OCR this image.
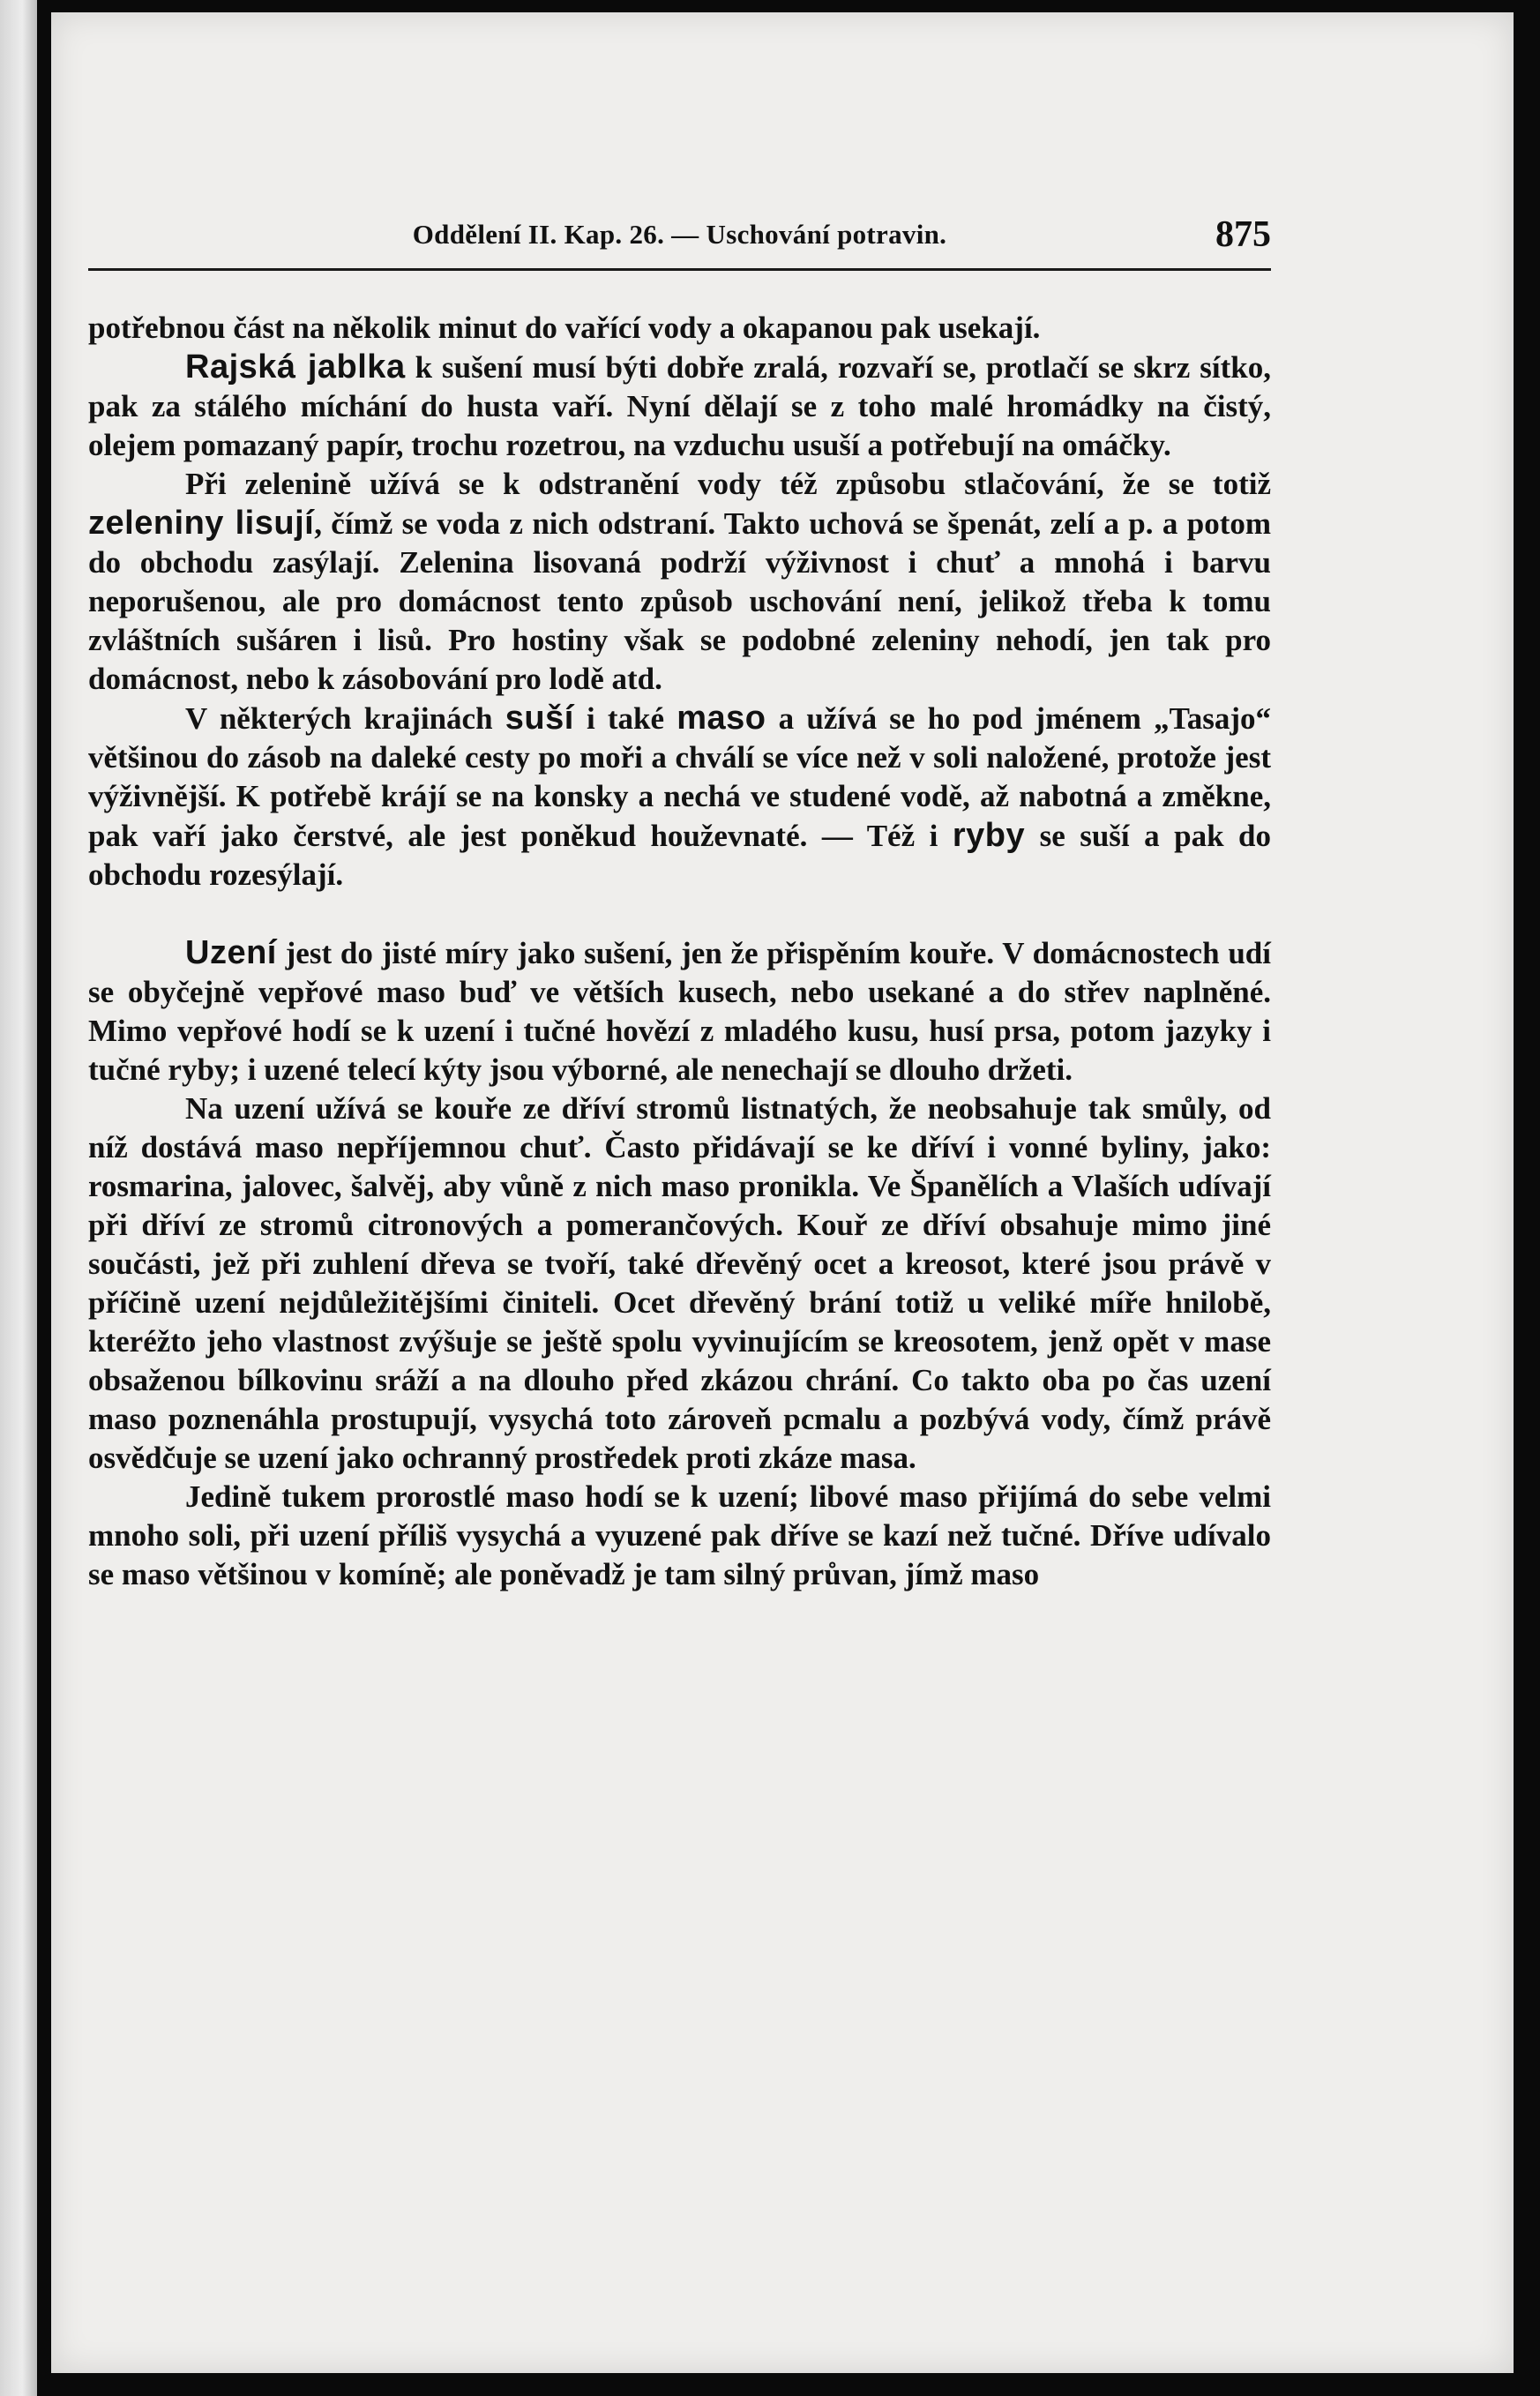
Oddělení II. Kap. 26. — Uschování potravin.	875

potřebnou část na několik minut do vařící vody a okapanou pak usekají.

Rajská jablka k sušení musí býti dobře zralá, rozvaří se, protlačí se skrz sítko, pak za stálého míchání do husta vaří. Nyní dělají se z toho malé hromádky na čistý, olejem pomazaný papír, trochu rozetrou, na vzduchu usuší a potřebují na omáčky.

Při zelenině užívá se k odstranění vody též způsobu stlačování, že se totiž zeleniny lisují, čímž se voda z nich odstraní. Takto uchová se špenát, zelí a p. a potom do obchodu zasýlají. Zelenina lisovaná podrží výživnost i chuť a mnohá i barvu neporušenou, ale pro domácnost tento způsob uschování není, jelikož třeba k tomu zvláštních sušáren i lisů. Pro hostiny však se podobné zeleniny nehodí, jen tak pro domácnost, nebo k zásobování pro lodě atd.

V některých krajinách suší i také maso a užívá se ho pod jménem „Tasajo“ většinou do zásob na daleké cesty po moři a chválí se více než v soli naložené, protože jest výživnější. K potřebě krájí se na konsky a nechá ve studené vodě, až nabotná a změkne, pak vaří jako čerstvé, ale jest poněkud houževnaté. — Též i ryby se suší a pak do obchodu rozesýlají.

Uzení jest do jisté míry jako sušení, jen že přispěním kouře. V domácnostech udí se obyčejně vepřové maso buď ve větších kusech, nebo usekané a do střev naplněné. Mimo vepřové hodí se k uzení i tučné hovězí z mladého kusu, husí prsa, potom jazyky i tučné ryby; i uzené telecí kýty jsou výborné, ale nenechají se dlouho držeti.

Na uzení užívá se kouře ze dříví stromů listnatých, že neobsahuje tak smůly, od níž dostává maso nepříjemnou chuť. Často přidávají se ke dříví i vonné byliny, jako: rosmarina, jalovec, šalvěj, aby vůně z nich maso pronikla. Ve Španělích a Vlaších udívají při dříví ze stromů citronových a pomerančových. Kouř ze dříví obsahuje mimo jiné součásti, jež při zuhlení dřeva se tvoří, také dřevěný ocet a kreosot, které jsou právě v příčině uzení nejdůležitějšími činiteli. Ocet dřevěný brání totiž u veliké míře hnilobě, kteréžto jeho vlastnost zvýšuje se ještě spolu vyvinujícím se kreosotem, jenž opět v mase obsaženou bílkovinu sráží a na dlouho před zkázou chrání. Co takto oba po čas uzení maso poznenáhla prostupují, vysychá toto zároveň pcmalu a pozbývá vody, čímž právě osvědčuje se uzení jako ochranný prostředek proti zkáze masa.

Jedině tukem prorostlé maso hodí se k uzení; libové maso přijímá do sebe velmi mnoho soli, při uzení příliš vysychá a vyuzené pak dříve se kazí než tučné. Dříve udívalo se maso většinou v komíně; ale poněvadž je tam silný průvan, jímž maso
